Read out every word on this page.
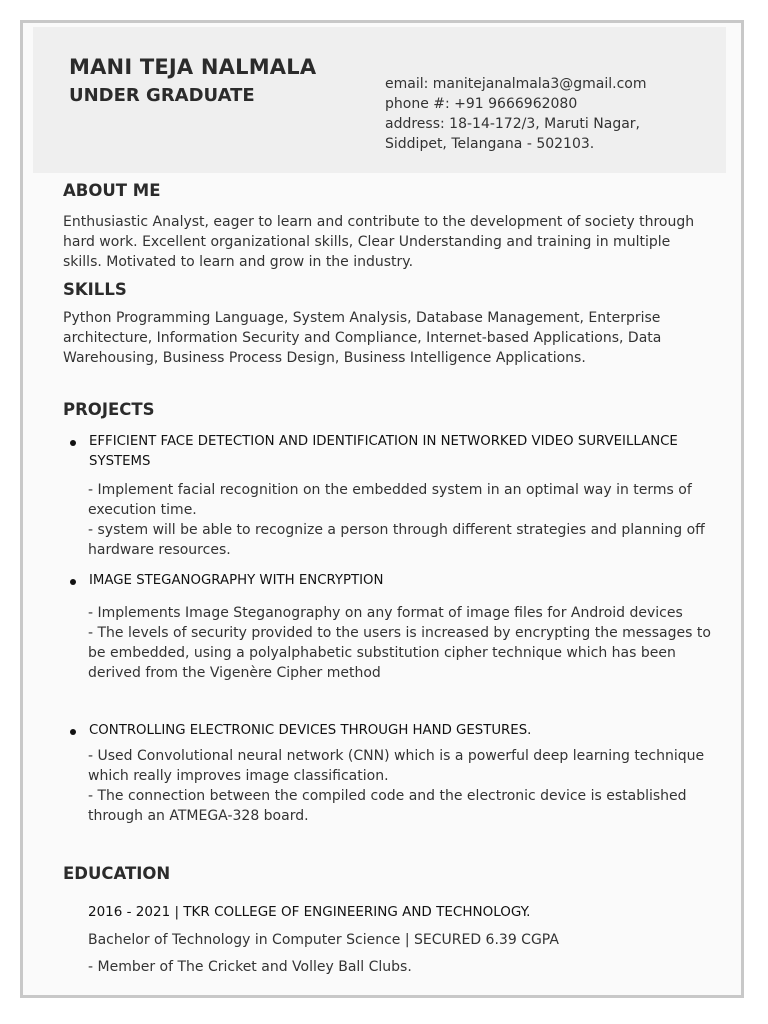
MANI TEJA NALMALA
UNDER GRADUATE
email: manitejanalmala3@gmail.com
phone #: +91 9666962080
address: 18-14-172/3, Maruti Nagar,
Siddipet, Telangana - 502103.
ABOUT ME
Enthusiastic Analyst, eager to learn and contribute to the development of society through hard work. Excellent organizational skills, Clear Understanding and training in multiple skills. Motivated to learn and grow in the industry.
SKILLS
Python Programming Language, System Analysis, Database Management, Enterprise architecture, Information Security and Compliance, Internet-based Applications, Data Warehousing, Business Process Design, Business Intelligence Applications.
PROJECTS
EFFICIENT FACE DETECTION AND IDENTIFICATION IN NETWORKED VIDEO SURVEILLANCE SYSTEMS
- Implement facial recognition on the embedded system in an optimal way in terms of execution time.
- system will be able to recognize a person through different strategies and planning off hardware resources.
IMAGE STEGANOGRAPHY WITH ENCRYPTION
- Implements Image Steganography on any format of image files for Android devices
- The levels of security provided to the users is increased by encrypting the messages to be embedded, using a polyalphabetic substitution cipher technique which has been derived from the Vigenère Cipher method
CONTROLLING ELECTRONIC DEVICES THROUGH HAND GESTURES.
- Used Convolutional neural network (CNN) which is a powerful deep learning technique which really improves image classification.
- The connection between the compiled code and the electronic device is established through an ATMEGA-328 board.
EDUCATION
2016 - 2021 | TKR COLLEGE OF ENGINEERING AND TECHNOLOGY.
Bachelor of Technology in Computer Science | SECURED 6.39 CGPA
- Member of The Cricket and Volley Ball Clubs.
